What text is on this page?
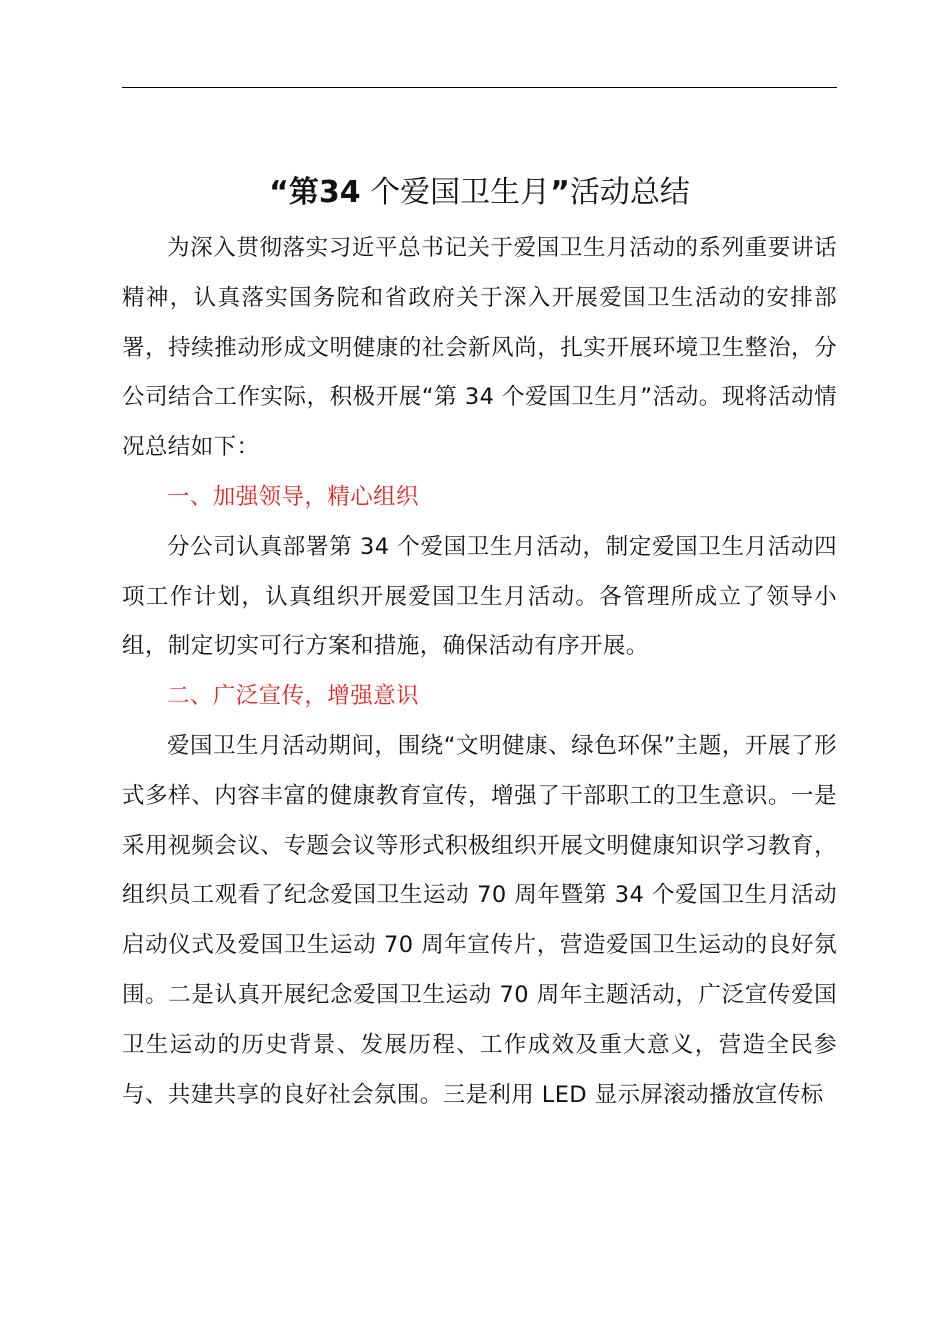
“第34 个爱国卫生月”活动总结

为深入贯彻落实习近平总书记关于爱国卫生月活动的系列重要讲话精神，认真落实国务院和省政府关于深入开展爱国卫生活动的安排部署，持续推动形成文明健康的社会新风尚，扎实开展环境卫生整治，分公司结合工作实际，积极开展“第 34 个爱国卫生月”活动。现将活动情况总结如下：

一、加强领导，精心组织

分公司认真部署第 34 个爱国卫生月活动，制定爱国卫生月活动四项工作计划，认真组织开展爱国卫生月活动。各管理所成立了领导小组，制定切实可行方案和措施，确保活动有序开展。

二、广泛宣传，增强意识

爱国卫生月活动期间，围绕“文明健康、绿色环保”主题，开展了形式多样、内容丰富的健康教育宣传，增强了干部职工的卫生意识。一是采用视频会议、专题会议等形式积极组织开展文明健康知识学习教育，组织员工观看了纪念爱国卫生运动 70 周年暨第 34 个爱国卫生月活动启动仪式及爱国卫生运动 70 周年宣传片，营造爱国卫生运动的良好氛围。二是认真开展纪念爱国卫生运动 70 周年主题活动，广泛宣传爱国卫生运动的历史背景、发展历程、工作成效及重大意义，营造全民参与、共建共享的良好社会氛围。三是利用 LED 显示屏滚动播放宣传标
